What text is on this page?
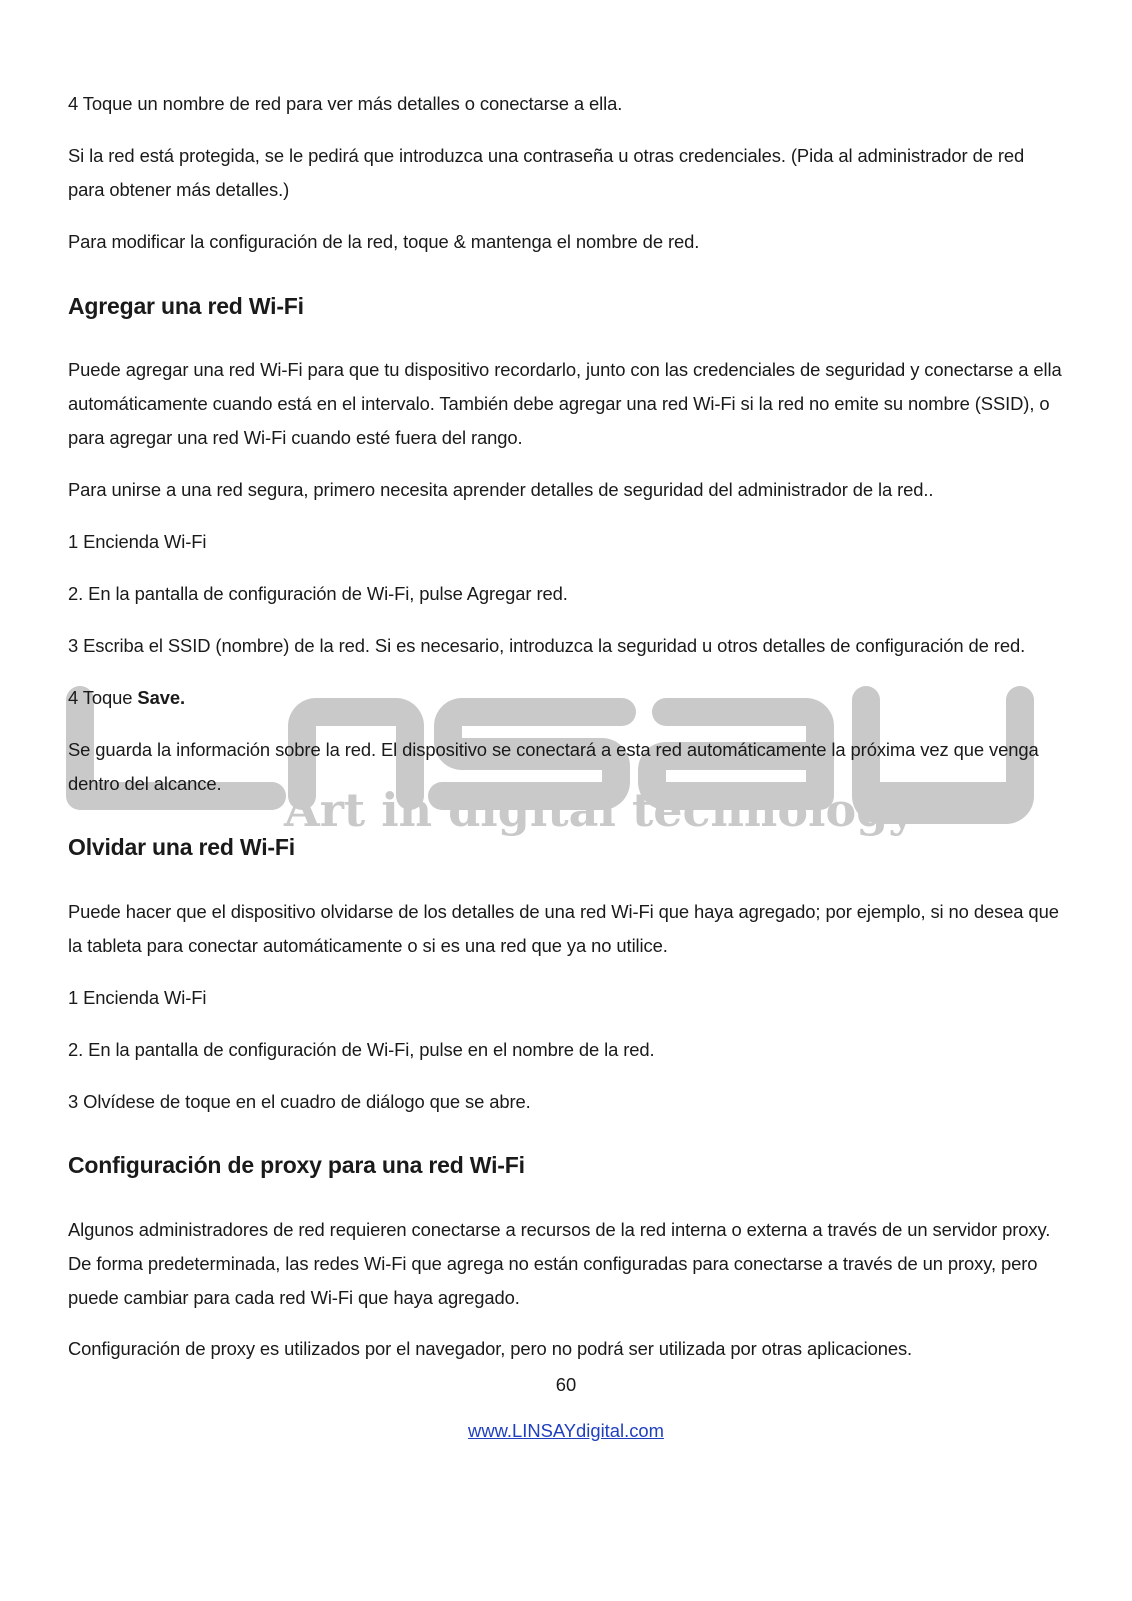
Art in digital technology

4 Toque un nombre de red para ver más detalles o conectarse a ella.

Si la red está protegida, se le pedirá que introduzca una contraseña u otras credenciales. (Pida al administrador de red para obtener más detalles.)

Para modificar la configuración de la red, toque & mantenga el nombre de red.

Agregar una red Wi-Fi

Puede agregar una red Wi-Fi para que tu dispositivo recordarlo, junto con las credenciales de seguridad y conectarse a ella automáticamente cuando está en el intervalo. También debe agregar una red Wi-Fi si la red no emite su nombre (SSID), o para agregar una red Wi-Fi cuando esté fuera del rango.

Para unirse a una red segura, primero necesita aprender detalles de seguridad del administrador de la red..

1 Encienda Wi-Fi

2. En la pantalla de configuración de Wi-Fi, pulse Agregar red.

3 Escriba el SSID (nombre) de la red. Si es necesario, introduzca la seguridad u otros detalles de configuración de red.

4 Toque Save.

Se guarda la información sobre la red. El dispositivo se conectará a esta red automáticamente la próxima vez que venga dentro del alcance.

Olvidar una red Wi-Fi

Puede hacer que el dispositivo olvidarse de los detalles de una red Wi-Fi que haya agregado; por ejemplo, si no desea que la tableta para conectar automáticamente o si es una red que ya no utilice.

1 Encienda Wi-Fi

2. En la pantalla de configuración de Wi-Fi, pulse en el nombre de la red.

3 Olvídese de toque en el cuadro de diálogo que se abre.

Configuración de proxy para una red Wi-Fi

Algunos administradores de red requieren conectarse a recursos de la red interna o externa a través de un servidor proxy. De forma predeterminada, las redes Wi-Fi que agrega no están configuradas para conectarse a través de un proxy, pero puede cambiar para cada red Wi-Fi que haya agregado.

Configuración de proxy es utilizados por el navegador, pero no podrá ser utilizada por otras aplicaciones.

60
www.LINSAYdigital.com
